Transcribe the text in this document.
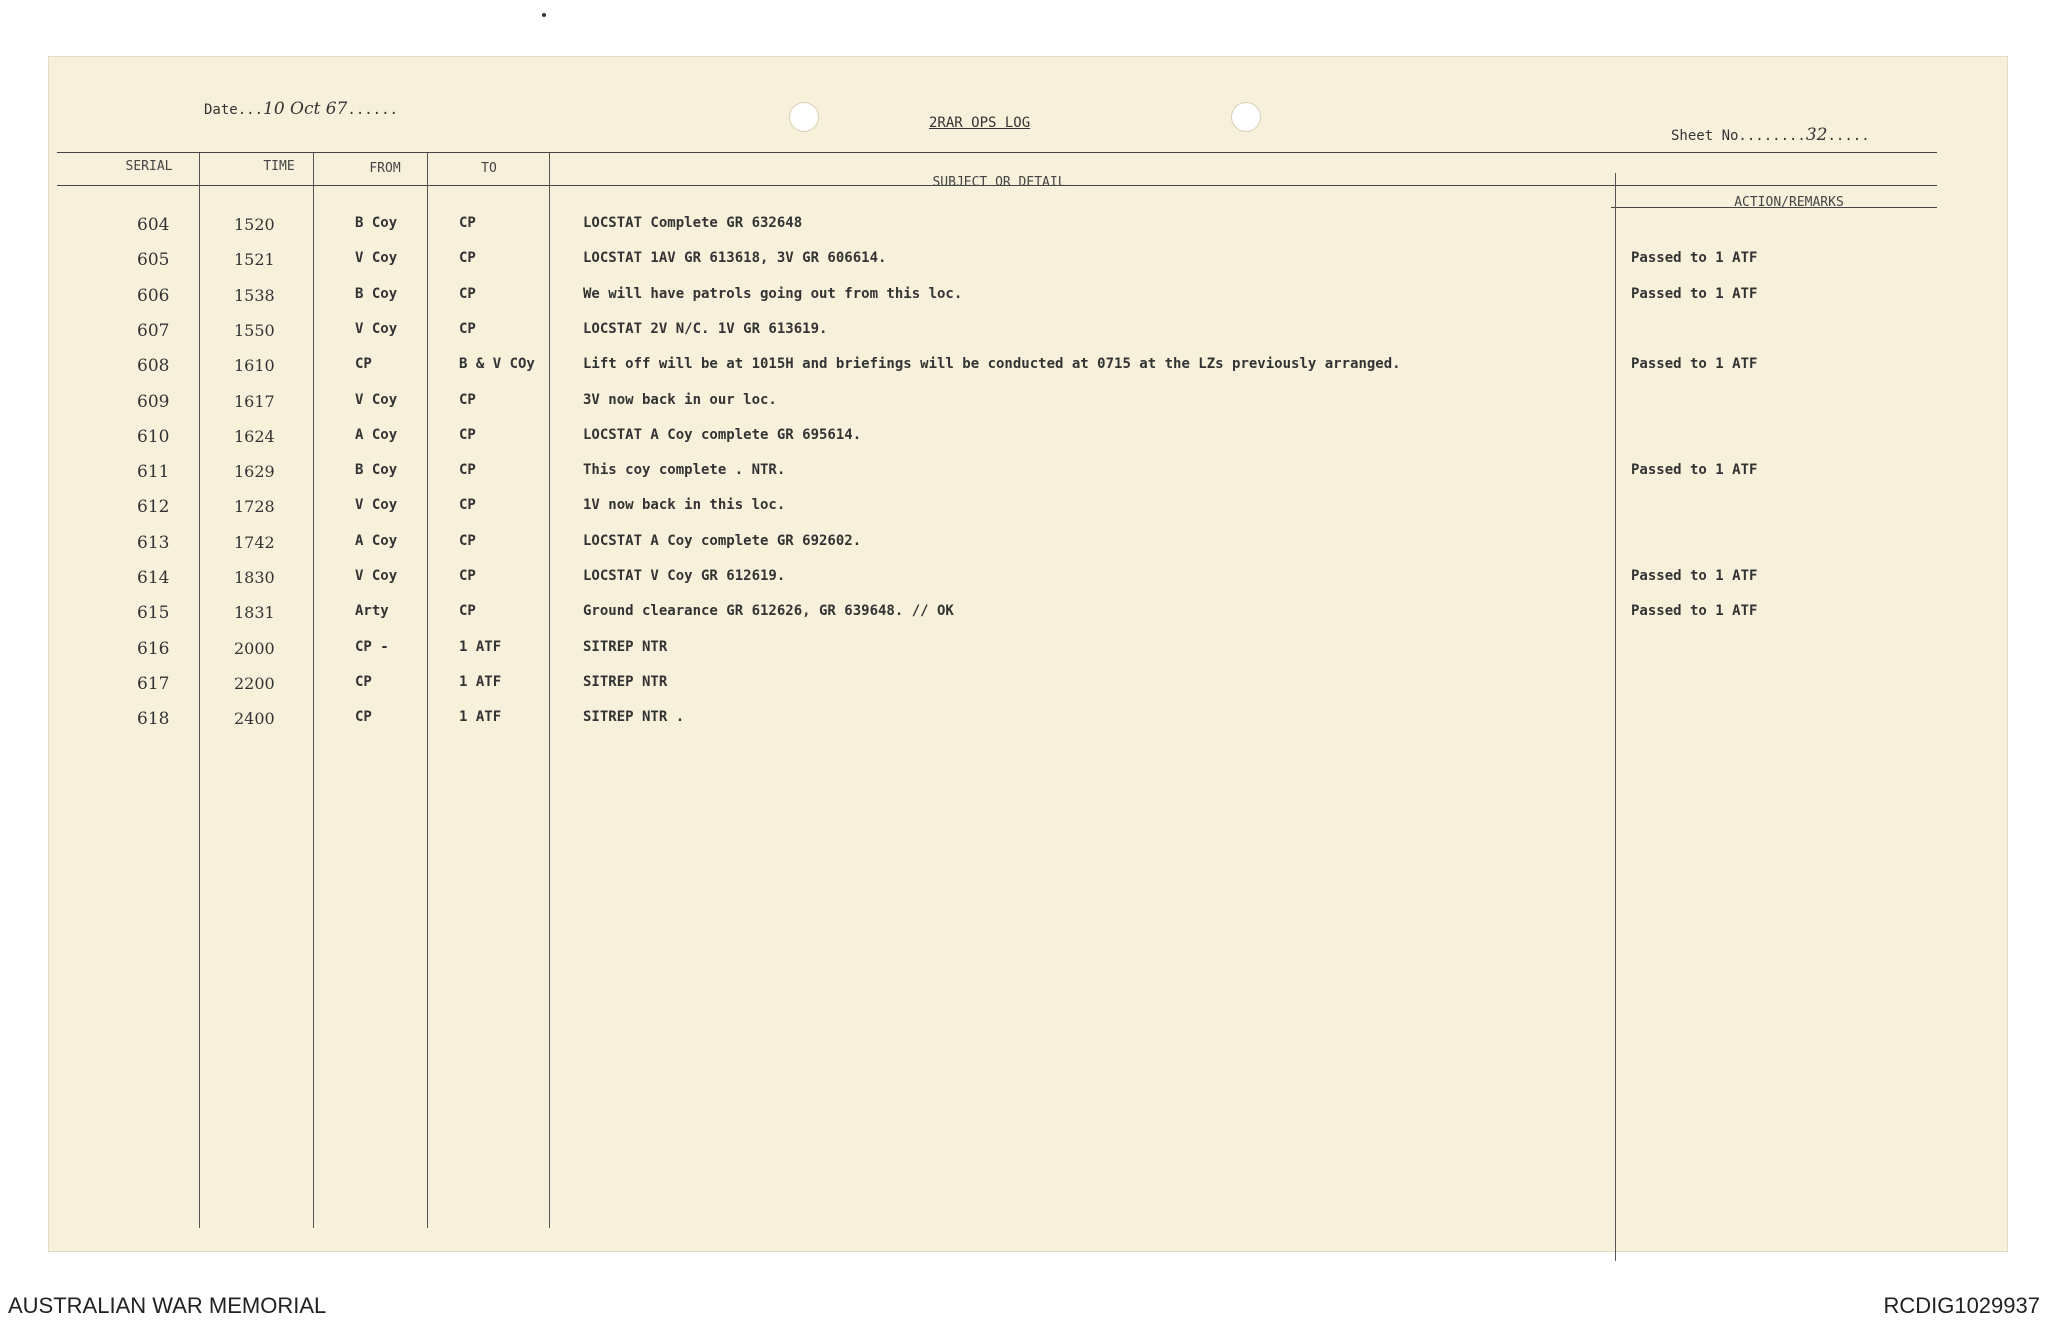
Date...10 Oct 67......
2RAR OPS LOG
Sheet No........32.....
SERIAL	TIME	FROM	TO
SUBJECT OR DETAIL
ACTION/REMARKS
604	1520	B Coy	CP	LOCSTAT Complete GR 632648
605	1521	V Coy	CP	LOCSTAT 1AV GR 613618, 3V GR 606614.	Passed to 1 ATF
606	1538	B Coy	CP	We will have patrols going out from this loc.	Passed to 1 ATF
607	1550	V Coy	CP	LOCSTAT 2V N/C. 1V GR 613619.
608	1610	CP	B & V COy	Lift off will be at 1015H and briefings will be conducted at 0715 at the LZs previously arranged.	Passed to 1 ATF
609	1617	V Coy	CP	3V now back in our loc.
610	1624	A Coy	CP	LOCSTAT A Coy complete GR 695614.
611	1629	B Coy	CP	This coy complete . NTR.	Passed to 1 ATF
612	1728	V Coy	CP	1V now back in this loc.
613	1742	A Coy	CP	LOCSTAT A Coy complete GR 692602.
614	1830	V Coy	CP	LOCSTAT V Coy GR 612619.	Passed to 1 ATF
615	1831	Arty	CP	Ground clearance GR 612626, GR 639648. // OK	Passed to 1 ATF
616	2000	CP -	1 ATF	SITREP NTR
617	2200	CP	1 ATF	SITREP NTR
618	2400	CP	1 ATF	SITREP NTR .
AUSTRALIAN WAR MEMORIAL	RCDIG1029937
